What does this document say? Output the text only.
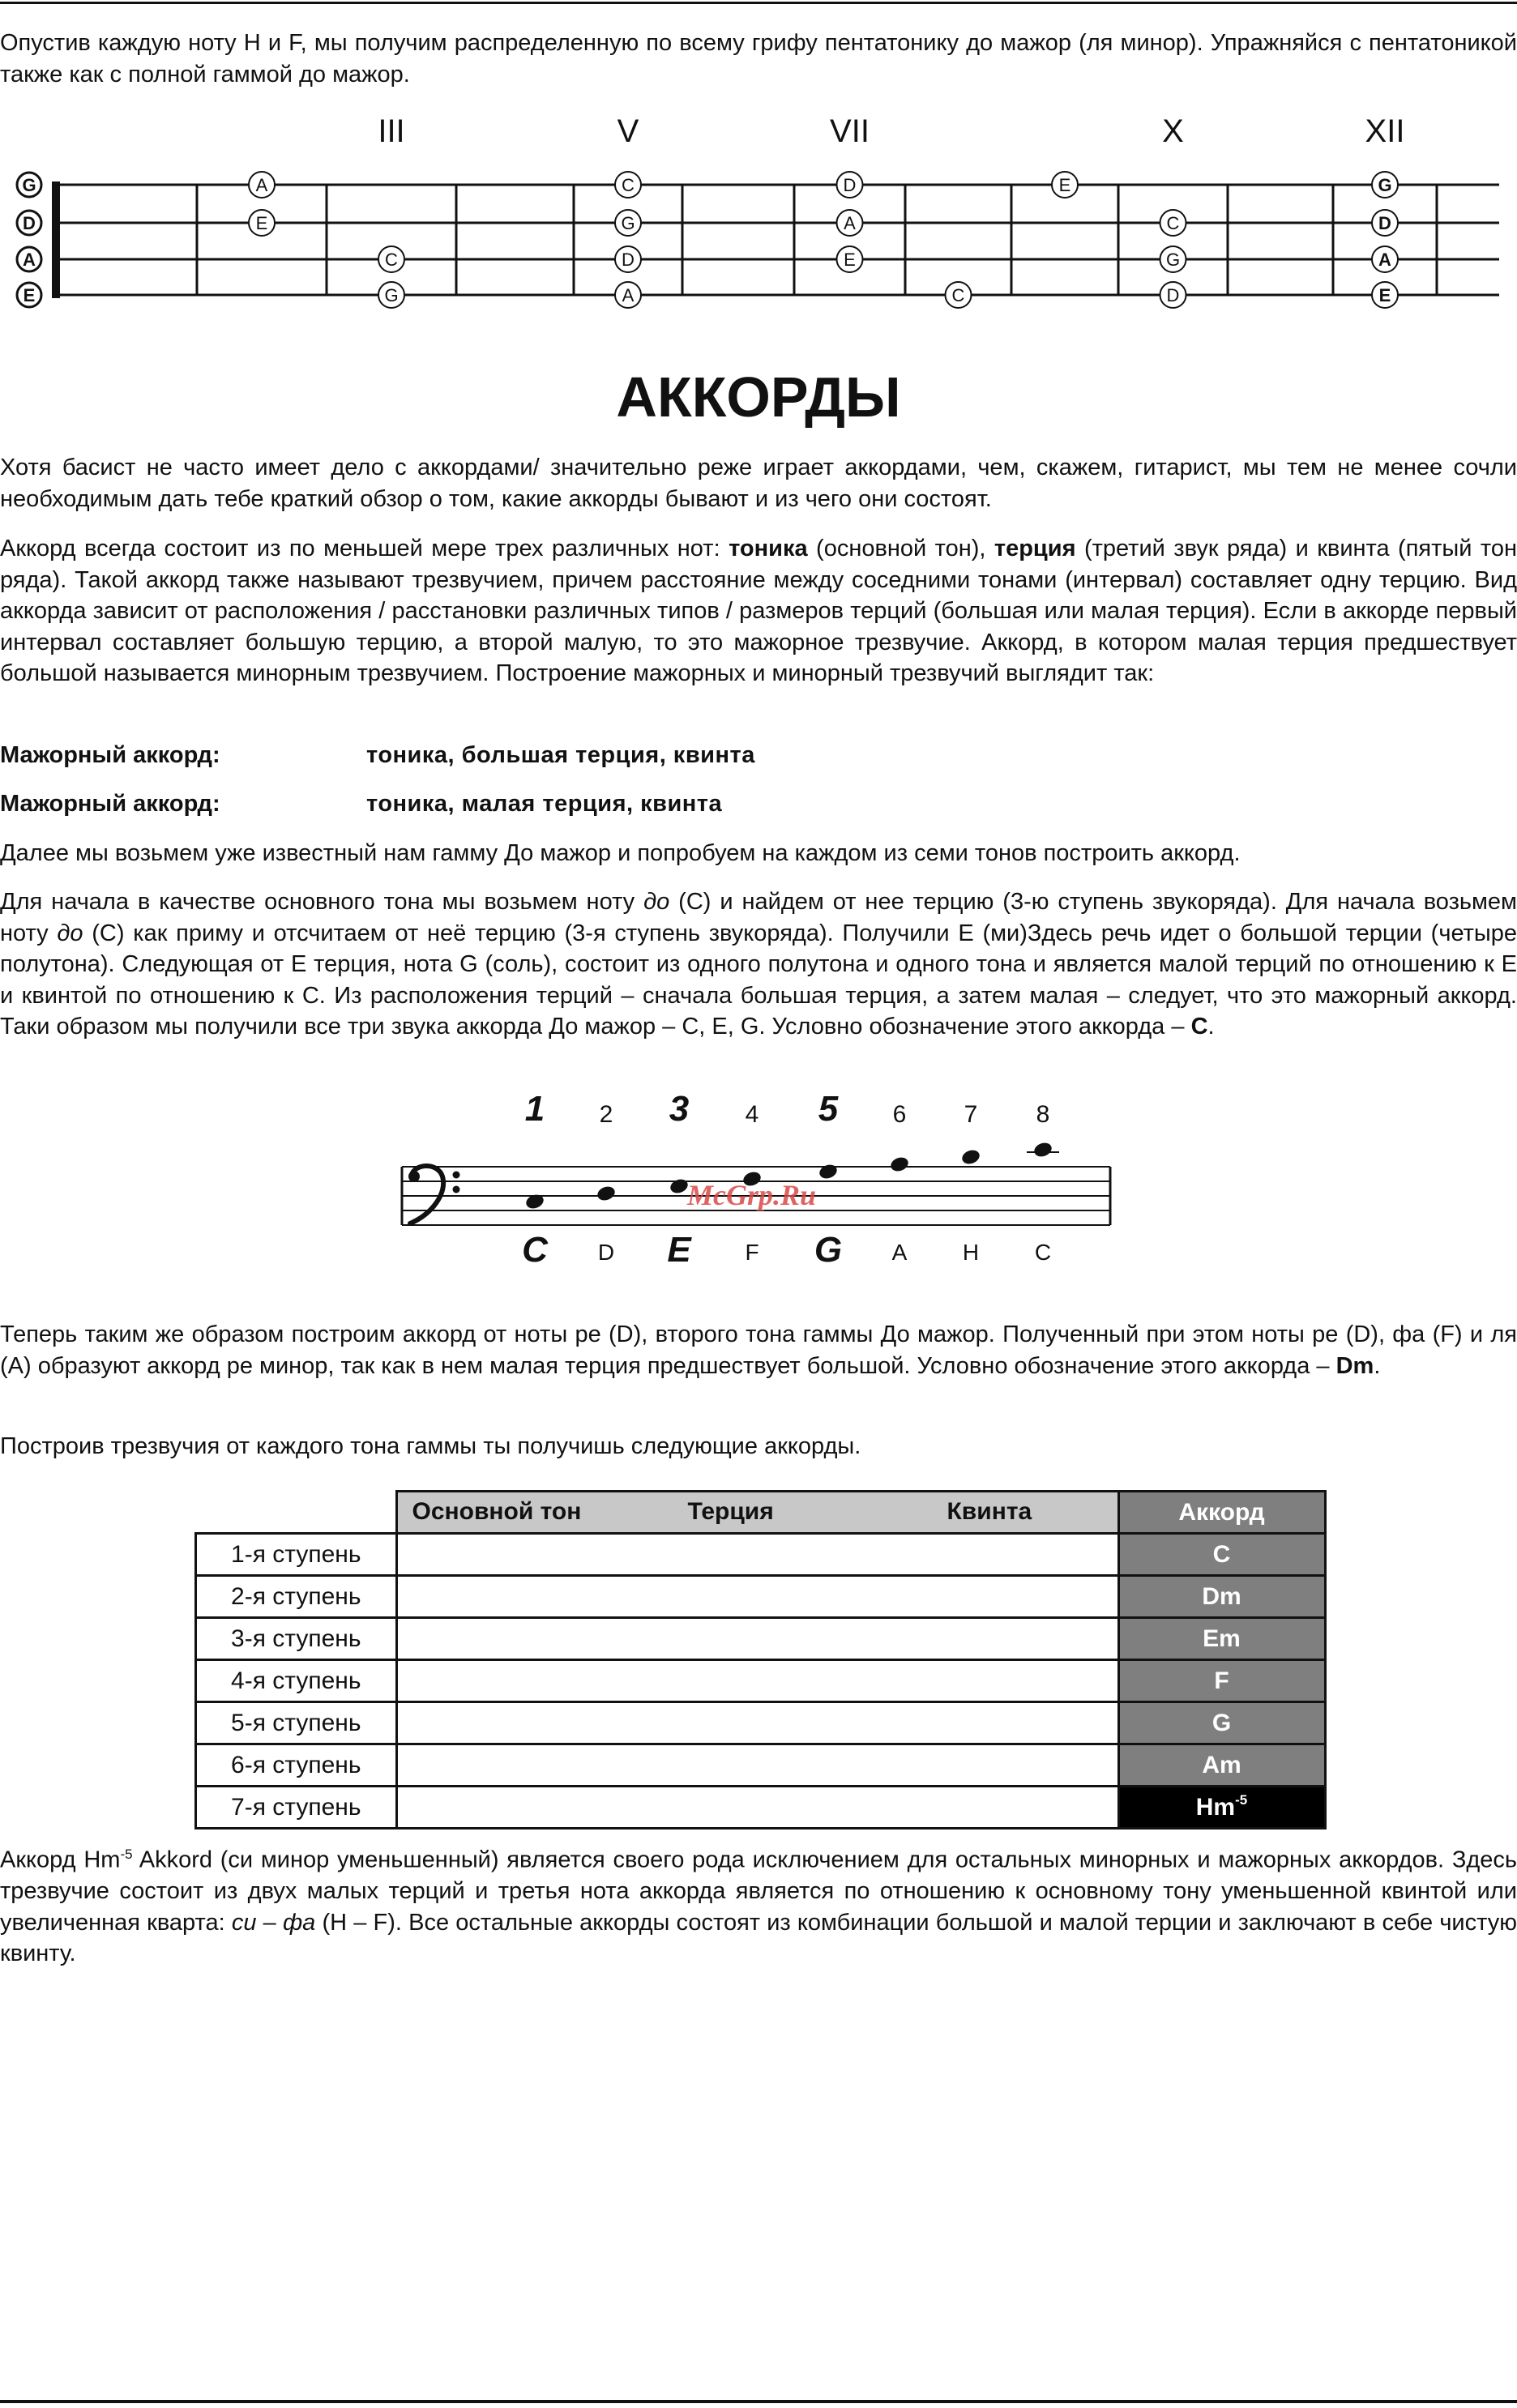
Опустив каждую ноту H и F, мы получим распределенную по всему грифу пентатонику до мажор (ля минор). Упражняйся с пентатоникой также как с полной гаммой до мажор.

III	V	VII	X	XII
G
D
A
E
A
E
C
G
C
G
D
A
D
A
E
C
E
C
G
D
G
D
A
E
АККОРДЫ

Хотя басист не часто имеет дело с аккордами/ значительно реже играет аккордами, чем, скажем, гитарист, мы тем не менее сочли необходимым дать тебе краткий обзор о том, какие аккорды бывают и из чего они состоят.

Аккорд всегда состоит из по меньшей мере трех различных нот: тоника (основной тон), терция (третий звук ряда) и квинта (пятый тон ряда). Такой аккорд также называют трезвучием, причем расстояние между соседними тонами (интервал) составляет одну терцию. Вид аккорда зависит от расположения / расстановки различных типов / размеров терций (большая или малая терция). Если в аккорде первый интервал составляет большую терцию, а второй малую, то это мажорное трезвучие. Аккорд, в котором малая терция предшествует большой называется минорным трезвучием. Построение мажорных и минорный трезвучий выглядит так:

Мажорный аккорд:	тоника, большая терция, квинта
Мажорный аккорд:	тоника, малая терция, квинта

Далее мы возьмем уже известный нам гамму До мажор и попробуем на каждом из семи тонов построить аккорд.

Для начала в качестве основного тона мы возьмем ноту до (C) и найдем от нее терцию (3-ю ступень звукоряда). Для начала возьмем ноту до (C) как приму и отсчитаем от неё терцию (3-я ступень звукоряда). Получили E (ми)Здесь речь идет о большой терции (четыре полутона). Следующая от E терция, нота G (соль), состоит из одного полутона и одного тона и является малой терций по отношению к E и квинтой по отношению к C. Из расположения терций – сначала большая терция, а затем малая – следует, что это мажорный аккорд. Таки образом мы получили все три звука аккорда До мажор – C, E, G. Условно обозначение этого аккорда – C.

1
C
2
D
3
E
4
F
5
G
6
A
7
H
8
C
McGrp.Ru

Теперь таким же образом построим аккорд от ноты ре (D), второго тона гаммы До мажор. Полученный при этом ноты ре (D), фа (F) и ля (A) образуют аккорд ре минор, так как в нем малая терция предшествует большой. Условно обозначение этого аккорда – Dm.

Построив трезвучия от каждого тона гаммы ты получишь следующие аккорды.

	Основной тон Терция Квинта	Аккорд
1-я ступень		C
2-я ступень		Dm
3-я ступень		Em
4-я ступень		F
5-я ступень		G
6-я ступень		Am
7-я ступень		$Hm^{-5}$

Аккорд $Hm^{-5}$ Akkord (си минор уменьшенный) является своего рода исключением для остальных минорных и мажорных аккордов. Здесь трезвучие состоит из двух малых терций и третья нота аккорда является по отношению к основному тону уменьшенной квинтой или увеличенная кварта: си – фа (H – F). Все остальные аккорды состоят из комбинации большой и малой терции и заключают в себе чистую квинту.
